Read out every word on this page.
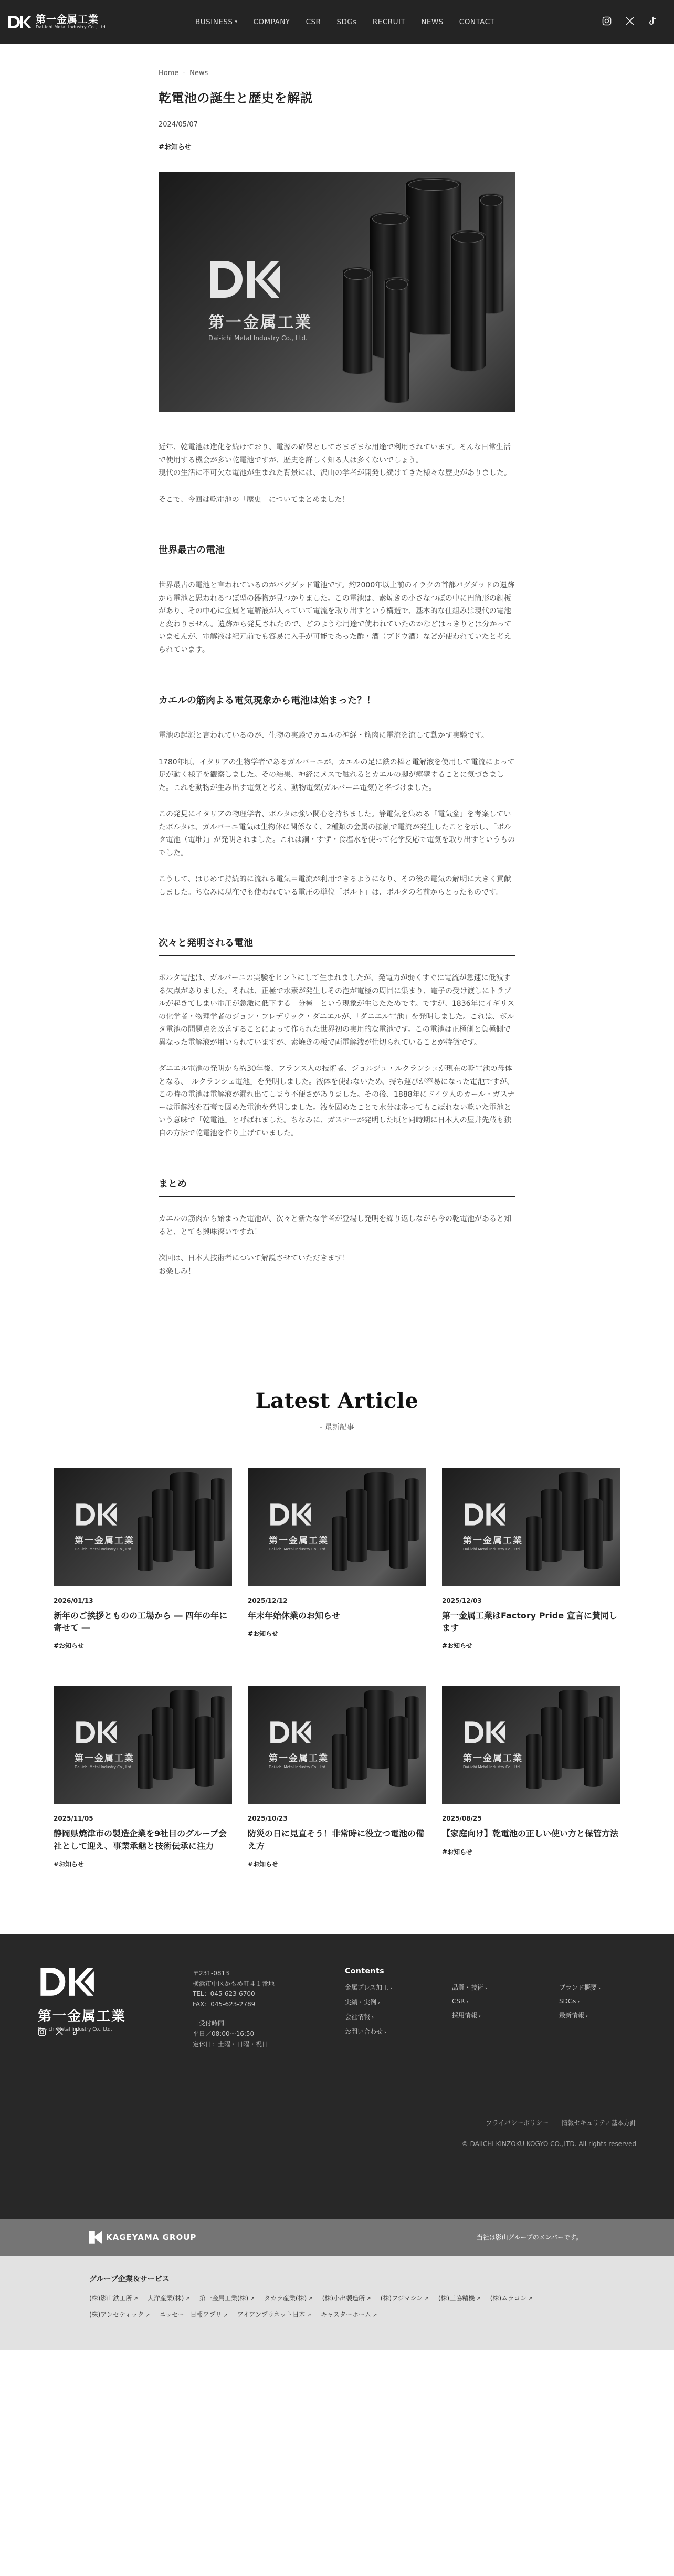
第一金属工業
Dai-ichi Metal Industry Co., Ltd.
BUSINESS ▾ COMPANY CSR SDGs RECRUIT NEWS CONTACT
Home - News
乾電池の誕生と歴史を解説
2024/05/07
#お知らせ
第一金属工業
Dai-ichi Metal Industry Co., Ltd.

近年、乾電池は進化を続けており、電源の確保としてさまざまな用途で利用されています。そんな日常生活で使用する機会が多い乾電池ですが、歴史を詳しく知る人は多くないでしょう。

現代の生活に不可欠な電池が生まれた背景には、沢山の学者が開発し続けてきた様々な歴史がありました。

そこで、今回は乾電池の「歴史」についてまとめました！

世界最古の電池

世界最古の電池と言われているのがバグダッド電池です。約2000年以上前のイラクの首都バグダッドの遺跡から電池と思われるつぼ型の器物が見つかりました。この電池は、素焼きの小さなつぼの中に円筒形の銅板があり、その中心に金属と電解液が入っていて電流を取り出すという構造で、基本的な仕組みは現代の電池と変わりません。遺跡から発見されたので、どのような用途で使われていたのかなどはっきりとは分かっていませんが、電解液は紀元前でも容易に入手が可能であった酢・酒（ブドウ酒）などが使われていたと考えられています。

カエルの筋肉よる電気現象から電池は始まった？！

電池の起源と言われているのが、生物の実験でカエルの神経・筋肉に電流を流して動かす実験です。

1780年頃、イタリアの生物学者であるガルバーニが、カエルの足に鉄の棒と電解液を使用して電流によって足が動く様子を観察しました。その結果、神経にメスで触れるとカエルの脚が痙攣することに気づきました。これを動物が生み出す電気と考え、動物電気(ガルバーニ電気)と名づけました。

この発見にイタリアの物理学者、ボルタは強い関心を持ちました。静電気を集める「電気盆」を考案していたボルタは、ガルバーニ電気は生物体に関係なく、2種類の金属の接触で電流が発生したことを示し、「ボルタ電池（電堆）」が発明されました。これは銅・すず・食塩水を使って化学反応で電気を取り出すというものでした。

こうして、はじめて持続的に流れる電気＝電流が利用できるようになり、その後の電気の解明に大きく貢献しました。ちなみに現在でも使われている電圧の単位「ボルト」は、ボルタの名前からとったものです。

次々と発明される電池

ボルタ電池は、ガルバーニの実験をヒントにして生まれましたが、発電力が弱くすぐに電流が急速に低減する欠点がありました。それは、正極で水素が発生しその泡が電極の周囲に集まり、電子の受け渡しにトラブルが起きてしまい電圧が急激に低下する「分極」という現象が生じたためです。ですが、1836年にイギリスの化学者・物理学者のジョン・フレデリック・ダニエルが、「ダニエル電池」を発明しました。これは、ボルタ電池の問題点を改善することによって作られた世界初の実用的な電池です。この電池は正極側と負極側で異なった電解液が用いられていますが、素焼きの板で両電解液が仕切られていることが特徴です。

ダニエル電池の発明から約30年後、フランス人の技術者、ジョルジュ・ルクランシェが現在の乾電池の母体となる、「ルクランシェ電池」を発明しました。液体を使わないため、持ち運びが容易になった電池ですが、この時の電池は電解液が漏れ出てしまう不便さがありました。その後、1888年にドイツ人のカール・ガスナーは電解液を石膏で固めた電池を発明しました。液を固めたことで水分は多ってもこぼれない乾いた電池という意味で「乾電池」と呼ばれました。ちなみに、ガスナーが発明した頃と同時期に日本人の屋井先蔵も独自の方法で乾電池を作り上げていました。

まとめ

カエルの筋肉から始まった電池が、次々と新たな学者が登場し発明を繰り返しながら今の乾電池があると知ると、とても興味深いですね！

次回は、日本人技術者について解説させていただきます！
お楽しみ！

Latest Article
- 最新記事
第一金属工業
Dai-ichi Metal Industry Co., Ltd.
2026/01/13
新年のご挨拶とものの工場から ― 四年の年に寄せて ―
#お知らせ
第一金属工業
Dai-ichi Metal Industry Co., Ltd.
2025/12/12
年末年始休業のお知らせ
#お知らせ
第一金属工業
Dai-ichi Metal Industry Co., Ltd.
2025/12/03
第一金属工業はFactory Pride 宣言に賛同します
#お知らせ
第一金属工業
Dai-ichi Metal Industry Co., Ltd.
2025/11/05
静岡県焼津市の製造企業を9社目のグループ会社として迎え、事業承継と技術伝承に注力
#お知らせ
第一金属工業
Dai-ichi Metal Industry Co., Ltd.
2025/10/23
防災の日に見直そう！非常時に役立つ電池の備え方
#お知らせ
第一金属工業
Dai-ichi Metal Industry Co., Ltd.
2025/08/25
【家庭向け】乾電池の正しい使い方と保管方法
#お知らせ
第一金属工業
Dai-ichi Metal Industry Co., Ltd.
〒231-0813
横浜市中区かもめ町４１番地
TEL：045-623-6700
FAX：045-623-2789
［受付時間］
平日／08:00〜16:50
定休日：土曜・日曜・祝日
Contents
金属プレス加工 ›
実績・実例 ›
会社情報 ›
お問い合わせ ›
品質・技術 ›
CSR ›
採用情報 ›
ブランド概要 ›
SDGs ›
最新情報 ›
プライバシーポリシー 情報セキュリティ基本方針
© DAIICHI KINZOKU KOGYO CO.,LTD. All rights reserved
KAGEYAMA GROUP	当社は影山グループのメンバーです。
グループ企業＆サービス
(株)影山鉄工所 ↗	大洋産業(株) ↗	第一金属工業(株) ↗	タカラ産業(株) ↗	(株)小出製造所 ↗	(株)フジマシン ↗	(株)三協精機 ↗	(株)ムラコン ↗
(株)アンセティック ↗	ニッセー｜日報アプリ ↗	アイアンプラネット日本 ↗	キャスターホーム ↗
